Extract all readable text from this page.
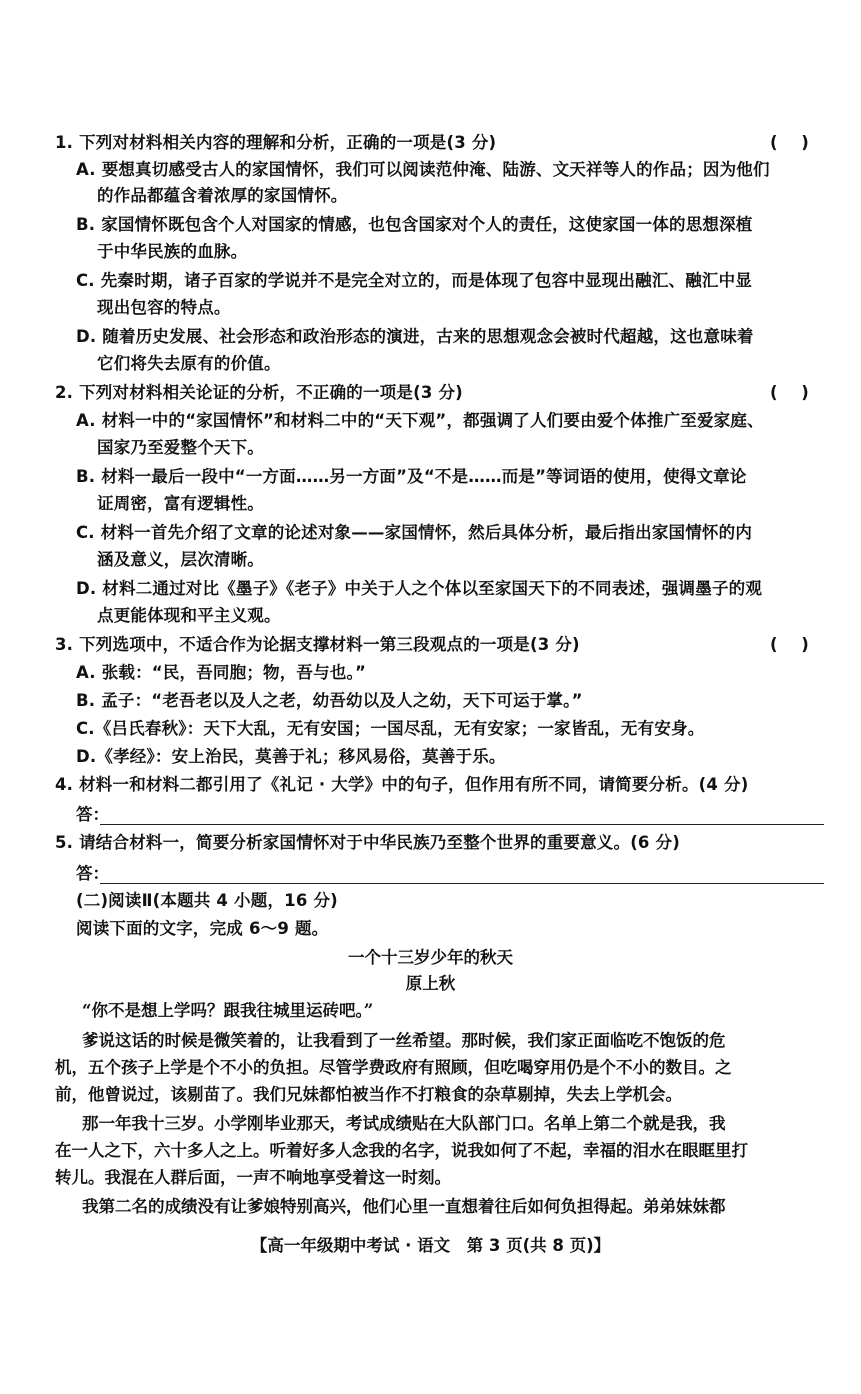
1. 下列对材料相关内容的理解和分析，正确的一项是(3 分)	( )
A. 要想真切感受古人的家国情怀，我们可以阅读范仲淹、陆游、文天祥等人的作品；因为他们
的作品都蕴含着浓厚的家国情怀。
B. 家国情怀既包含个人对国家的情感，也包含国家对个人的责任，这使家国一体的思想深植
于中华民族的血脉。
C. 先秦时期，诸子百家的学说并不是完全对立的，而是体现了包容中显现出融汇、融汇中显
现出包容的特点。
D. 随着历史发展、社会形态和政治形态的演进，古来的思想观念会被时代超越，这也意味着
它们将失去原有的价值。
2. 下列对材料相关论证的分析，不正确的一项是(3 分)	( )
A. 材料一中的“家国情怀”和材料二中的“天下观”，都强调了人们要由爱个体推广至爱家庭、
国家乃至爱整个天下。
B. 材料一最后一段中“一方面……另一方面”及“不是……而是”等词语的使用，使得文章论
证周密，富有逻辑性。
C. 材料一首先介绍了文章的论述对象——家国情怀，然后具体分析，最后指出家国情怀的内
涵及意义，层次清晰。
D. 材料二通过对比《墨子》《老子》中关于人之个体以至家国天下的不同表述，强调墨子的观
点更能体现和平主义观。
3. 下列选项中，不适合作为论据支撑材料一第三段观点的一项是(3 分)	( )
A. 张载：“民，吾同胞；物，吾与也。”
B. 孟子：“老吾老以及人之老，幼吾幼以及人之幼，天下可运于掌。”
C.《吕氏春秋》：天下大乱，无有安国；一国尽乱，无有安家；一家皆乱，无有安身。
D.《孝经》：安上治民，莫善于礼；移风易俗，莫善于乐。
4. 材料一和材料二都引用了《礼记 · 大学》中的句子，但作用有所不同，请简要分析。(4 分)
答：
5. 请结合材料一，简要分析家国情怀对于中华民族乃至整个世界的重要意义。(6 分)
答：
(二)阅读Ⅱ(本题共 4 小题，16 分)
阅读下面的文字，完成 6～9 题。
一个十三岁少年的秋天
原上秋
“你不是想上学吗？跟我往城里运砖吧。”
爹说这话的时候是微笑着的，让我看到了一丝希望。那时候，我们家正面临吃不饱饭的危
机，五个孩子上学是个不小的负担。尽管学费政府有照顾，但吃喝穿用仍是个不小的数目。之
【高一年级期中考试 · 语文　第 3 页(共 8 页)】
前，他曾说过，该剔苗了。我们兄妹都怕被当作不打粮食的杂草剔掉，失去上学机会。
那一年我十三岁。小学刚毕业那天，考试成绩贴在大队部门口。名单上第二个就是我，我
在一人之下，六十多人之上。听着好多人念我的名字，说我如何了不起，幸福的泪水在眼眶里打
转儿。我混在人群后面，一声不响地享受着这一时刻。
我第二名的成绩没有让爹娘特别高兴，他们心里一直想着往后如何负担得起。弟弟妹妹都
